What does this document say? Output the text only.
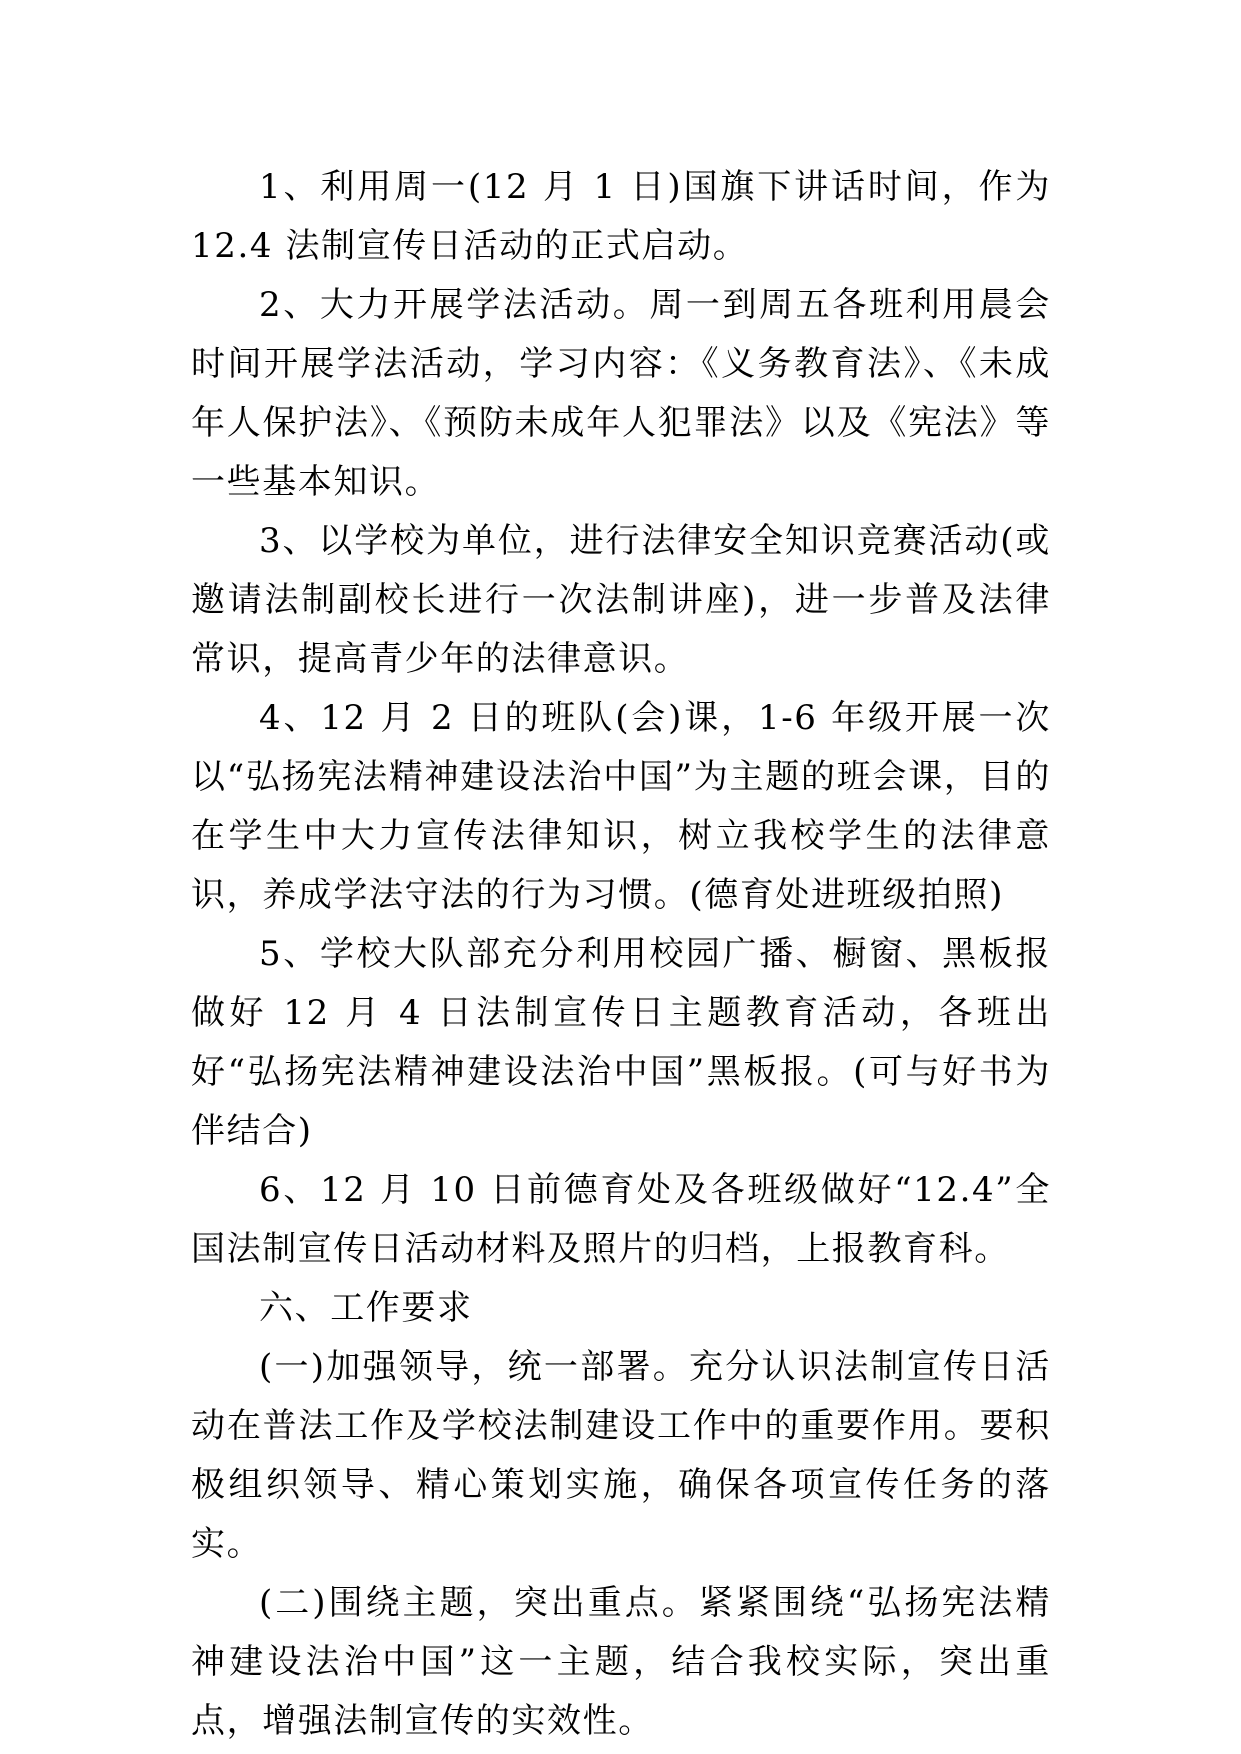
1、利用周一(12 月 1 日)国旗下讲话时间，作为 12.4 法制宣传日活动的正式启动。

2、大力开展学法活动。周一到周五各班利用晨会时间开展学法活动，学习内容：《义务教育法》、《未成年人保护法》、《预防未成年人犯罪法》以及《宪法》等一些基本知识。

3、以学校为单位，进行法律安全知识竞赛活动(或邀请法制副校长进行一次法制讲座)，进一步普及法律常识，提高青少年的法律意识。

4、12 月 2 日的班队(会)课，1-6 年级开展一次以“弘扬宪法精神建设法治中国”为主题的班会课，目的在学生中大力宣传法律知识，树立我校学生的法律意识，养成学法守法的行为习惯。(德育处进班级拍照)

5、学校大队部充分利用校园广播、橱窗、黑板报做好 12 月 4 日法制宣传日主题教育活动，各班出好“弘扬宪法精神建设法治中国”黑板报。(可与好书为伴结合)

6、12 月 10 日前德育处及各班级做好“12.4”全国法制宣传日活动材料及照片的归档，上报教育科。

六、工作要求

(一)加强领导，统一部署。充分认识法制宣传日活动在普法工作及学校法制建设工作中的重要作用。要积极组织领导、精心策划实施，确保各项宣传任务的落实。

(二)围绕主题，突出重点。紧紧围绕“弘扬宪法精神建设法治中国”这一主题，结合我校实际，突出重点，增强法制宣传的实效性。
